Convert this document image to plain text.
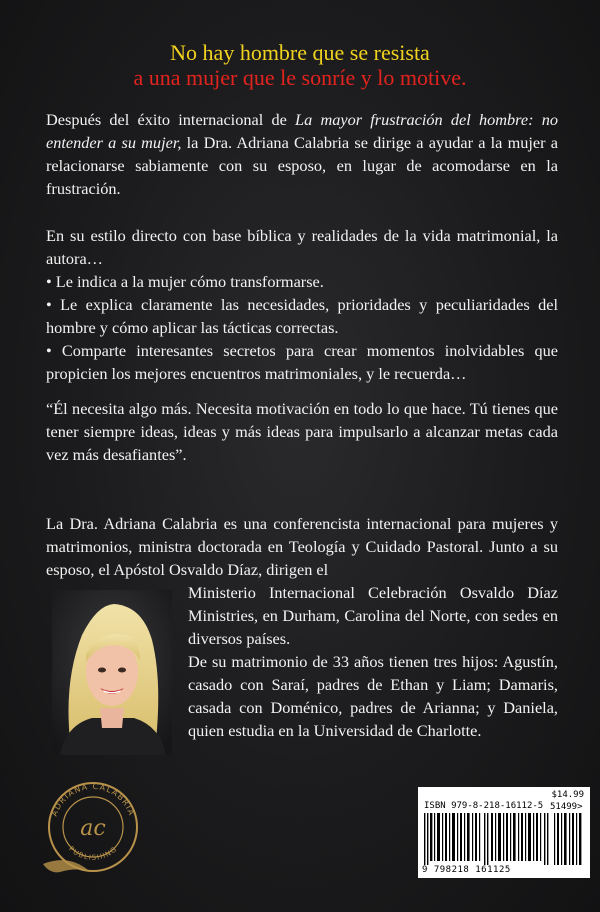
No hay hombre que se resista
a una mujer que le sonríe y lo motive.

Después del éxito internacional de La mayor frustración del hombre: no entender a su mujer, la Dra. Adriana Calabria se dirige a ayudar a la mujer a relacionarse sabiamente con su esposo, en lugar de acomodarse en la frustración.

En su estilo directo con base bíblica y realidades de la vida matrimonial, la autora…
• Le indica a la mujer cómo transformarse.
• Le explica claramente las necesidades, prioridades y peculiaridades del hombre y cómo aplicar las tácticas correctas.
• Comparte interesantes secretos para crear momentos inolvidables que propicien los mejores encuentros matrimoniales, y le recuerda…

“Él necesita algo más. Necesita motivación en todo lo que hace. Tú tienes que tener siempre ideas, ideas y más ideas para impulsarlo a alcanzar metas cada vez más desafiantes”.

La Dra. Adriana Calabria es una conferencista internacional para mujeres y matrimonios, ministra doctorada en Teología y Cuidado Pastoral. Junto a su esposo, el Apóstol Osvaldo Díaz, dirigen el

Ministerio Internacional Celebración Osvaldo Díaz Ministries, en Durham, Carolina del Norte, con sedes en diversos países.

De su matrimonio de 33 años tienen tres hijos: Agustín, casado con Saraí, padres de Ethan y Liam; Damaris, casada con Doménico, padres de Arianna; y Daniela, quien estudia en la Universidad de Charlotte.

ADRIANA CALABRIA
ac
PUBLISHING
$14.99
ISBN 979-8-218-16112-5 51499>
9 798218 161125
